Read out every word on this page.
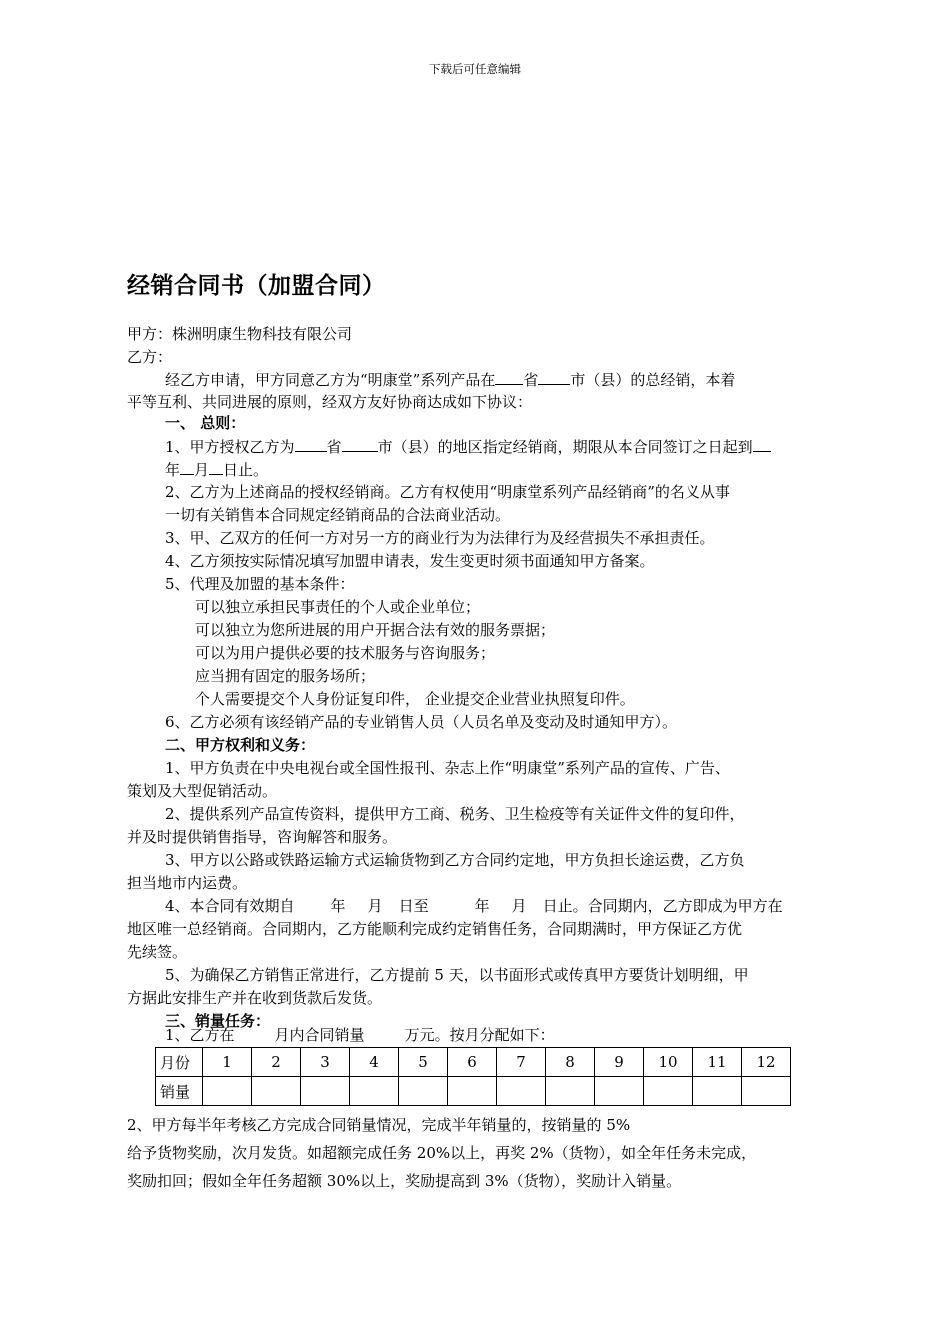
下载后可任意编辑
经销合同书（加盟合同）
甲方：株洲明康生物科技有限公司
乙方：
经乙方申请，甲方同意乙方为“明康堂”系列产品在 省 市（县）的总经销，本着
平等互利、共同进展的原则，经双方友好协商达成如下协议：
一、 总则：
1、甲方授权乙方为 省 市（县）的地区指定经销商，期限从本合同签订之日起到
年 月 日止。
2、乙方为上述商品的授权经销商。乙方有权使用“明康堂系列产品经销商”的名义从事
一切有关销售本合同规定经销商品的合法商业活动。
3、甲、乙双方的任何一方对另一方的商业行为为法律行为及经营损失不承担责任。
4、乙方须按实际情况填写加盟申请表，发生变更时须书面通知甲方备案。
5、代理及加盟的基本条件：
可以独立承担民事责任的个人或企业单位；
可以独立为您所进展的用户开据合法有效的服务票据；
可以为用户提供必要的技术服务与咨询服务；
应当拥有固定的服务场所；
个人需要提交个人身份证复印件， 企业提交企业营业执照复印件。
6、乙方必须有该经销产品的专业销售人员（人员名单及变动及时通知甲方）。
二、甲方权利和义务：
1、甲方负责在中央电视台或全国性报刊、杂志上作“明康堂”系列产品的宣传、广告、
策划及大型促销活动。
2、提供系列产品宣传资料，提供甲方工商、税务、卫生检疫等有关证件文件的复印件，
并及时提供销售指导，咨询解答和服务。
3、甲方以公路或铁路运输方式运输货物到乙方合同约定地，甲方负担长途运费，乙方负
担当地市内运费。
4、本合同有效期自 年 月 日至	年 月 日止。合同期内，乙方即成为甲方在
地区唯一总经销商。合同期内，乙方能顺利完成约定销售任务，合同期满时，甲方保证乙方优
先续签。
5、为确保乙方销售正常进行，乙方提前 5 天，以书面形式或传真甲方要货计划明细，甲
方据此安排生产并在收到货款后发货。
三、销量任务：
1、乙方在	月内合同销量	万元。按月分配如下：
月份	1	2	3	4	5	6	7	8	9	10	11	12
销量												
2、甲方每半年考核乙方完成合同销量情况，完成半年销量的，按销量的 5%
给予货物奖励，次月发货。如超额完成任务 20%以上，再奖 2%（货物），如全年任务未完成，
奖励扣回；假如全年任务超额 30%以上，奖励提高到 3%（货物），奖励计入销量。
